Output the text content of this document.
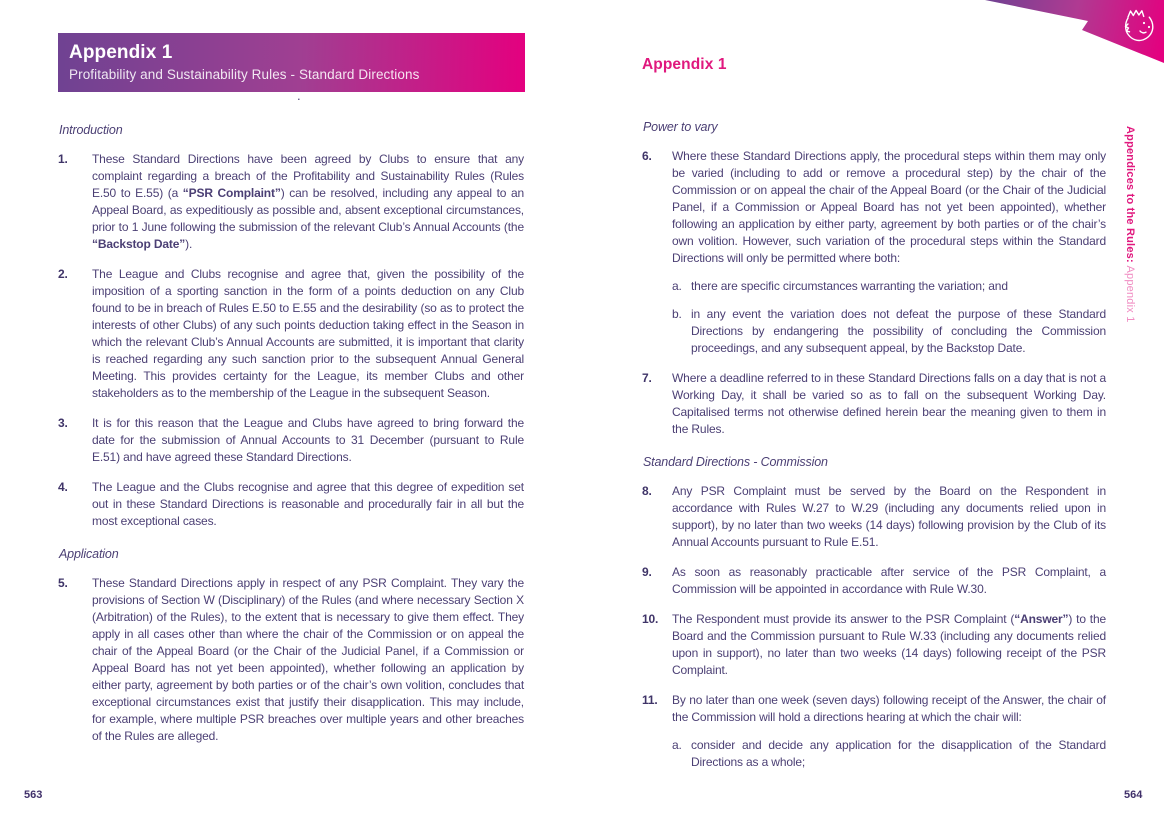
Appendix 1
Profitability and Sustainability Rules - Standard Directions
.
Introduction
1.	These Standard Directions have been agreed by Clubs to ensure that any complaint regarding a breach of the Profitability and Sustainability Rules (Rules E.50 to E.55) (a “PSR Complaint”) can be resolved, including any appeal to an Appeal Board, as expeditiously as possible and, absent exceptional circumstances, prior to 1 June following the submission of the relevant Club’s Annual Accounts (the “Backstop Date”).

2.	The League and Clubs recognise and agree that, given the possibility of the imposition of a sporting sanction in the form of a points deduction on any Club found to be in breach of Rules E.50 to E.55 and the desirability (so as to protect the interests of other Clubs) of any such points deduction taking effect in the Season in which the relevant Club’s Annual Accounts are submitted, it is important that clarity is reached regarding any such sanction prior to the subsequent Annual General Meeting. This provides certainty for the League, its member Clubs and other stakeholders as to the membership of the League in the subsequent Season.

3.	It is for this reason that the League and Clubs have agreed to bring forward the date for the submission of Annual Accounts to 31 December (pursuant to Rule E.51) and have agreed these Standard Directions.

4.	The League and the Clubs recognise and agree that this degree of expedition set out in these Standard Directions is reasonable and procedurally fair in all but the most exceptional cases.

Application
5.	These Standard Directions apply in respect of any PSR Complaint. They vary the provisions of Section W (Disciplinary) of the Rules (and where necessary Section X (Arbitration) of the Rules), to the extent that is necessary to give them effect. They apply in all cases other than where the chair of the Commission or on appeal the chair of the Appeal Board (or the Chair of the Judicial Panel, if a Commission or Appeal Board has not yet been appointed), whether following an application by either party, agreement by both parties or of the chair’s own volition, concludes that exceptional circumstances exist that justify their disapplication. This may include, for example, where multiple PSR breaches over multiple years and other breaches of the Rules are alleged.

563
Appendix 1
Power to vary
6.	Where these Standard Directions apply, the procedural steps within them may only be varied (including to add or remove a procedural step) by the chair of the Commission or on appeal the chair of the Appeal Board (or the Chair of the Judicial Panel, if a Commission or Appeal Board has not yet been appointed), whether following an application by either party, agreement by both parties or of the chair’s own volition. However, such variation of the procedural steps within the Standard Directions will only be permitted where both:

a. there are specific circumstances warranting the variation; and

b. in any event the variation does not defeat the purpose of these Standard Directions by endangering the possibility of concluding the Commission proceedings, and any subsequent appeal, by the Backstop Date.

7.	Where a deadline referred to in these Standard Directions falls on a day that is not a Working Day, it shall be varied so as to fall on the subsequent Working Day. Capitalised terms not otherwise defined herein bear the meaning given to them in the Rules.

Standard Directions - Commission
8.	Any PSR Complaint must be served by the Board on the Respondent in accordance with Rules W.27 to W.29 (including any documents relied upon in support), by no later than two weeks (14 days) following provision by the Club of its Annual Accounts pursuant to Rule E.51.

9.	As soon as reasonably practicable after service of the PSR Complaint, a Commission will be appointed in accordance with Rule W.30.

10.	The Respondent must provide its answer to the PSR Complaint (“Answer”) to the Board and the Commission pursuant to Rule W.33 (including any documents relied upon in support), no later than two weeks (14 days) following receipt of the PSR Complaint.

11.	By no later than one week (seven days) following receipt of the Answer, the chair of the Commission will hold a directions hearing at which the chair will:

a. consider and decide any application for the disapplication of the Standard Directions as a whole;

Appendices to the Rules: Appendix 1
564
